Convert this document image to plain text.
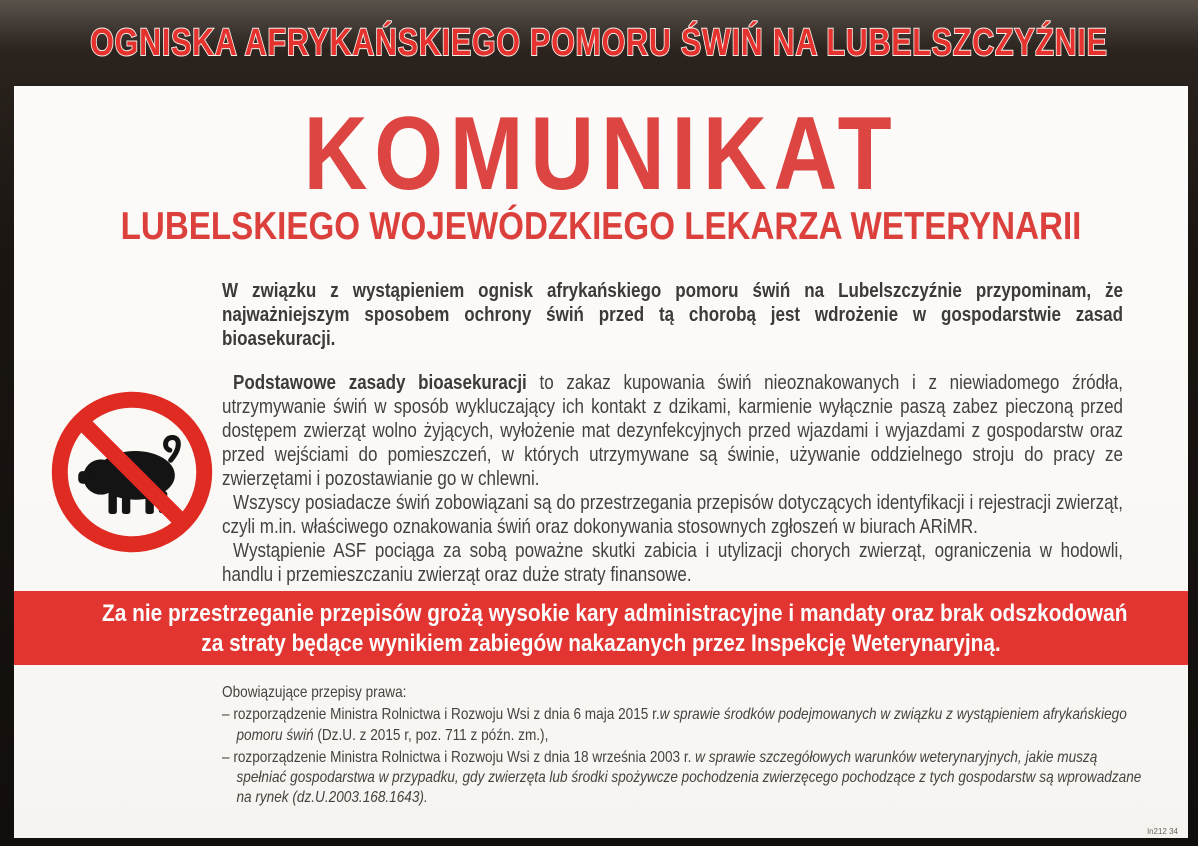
OGNISKA AFRYKAŃSKIEGO POMORU ŚWIŃ NA LUBELSZCZYŹNIE
KOMUNIKAT
LUBELSKIEGO WOJEWÓDZKIEGO LEKARZA WETERYNARII

W związku z wystąpieniem ognisk afrykańskiego pomoru świń na Lubelszczyźnie przypominam, że najważniejszym sposobem ochrony świń przed tą chorobą jest wdrożenie w gospodarstwie zasad bioasekuracji.

Podstawowe zasady bioasekuracji to zakaz kupowania świń nieoznakowanych i z niewiadomego źródła, utrzymywanie świń w sposób wykluczający ich kontakt z dzikami, karmienie wyłącznie paszą zabez pieczoną przed dostępem zwierząt wolno żyjących, wyłożenie mat dezynfekcyjnych przed wjazdami i wyjazdami z gospodarstw oraz przed wejściami do pomieszczeń, w których utrzymywane są świnie, używanie oddzielnego stroju do pracy ze zwierzętami i pozostawianie go w chlewni.

Wszyscy posiadacze świń zobowiązani są do przestrzegania przepisów dotyczących identyfikacji i rejestracji zwierząt, czyli m.in. właściwego oznakowania świń oraz dokonywania stosownych zgłoszeń w biurach ARiMR.

Wystąpienie ASF pociąga za sobą poważne skutki zabicia i utylizacji chorych zwierząt, ograniczenia w hodowli, handlu i przemieszczaniu zwierząt oraz duże straty finansowe.

Za nie przestrzeganie przepisów grożą wysokie kary administracyjne i mandaty oraz brak odszkodowań
za straty będące wynikiem zabiegów nakazanych przez Inspekcję Weterynaryjną.
Obowiązujące przepisy prawa:
– rozporządzenie Ministra Rolnictwa i Rozwoju Wsi z dnia 6 maja 2015 r.w sprawie środków podejmowanych w związku z wystąpieniem afrykańskiego pomoru świń (Dz.U. z 2015 r, poz. 711 z późn. zm.),
– rozporządzenie Ministra Rolnictwa i Rozwoju Wsi z dnia 18 września 2003 r. w sprawie szczegółowych warunków weterynaryjnych, jakie muszą spełniać gospodarstwa w przypadku, gdy zwierzęta lub środki spożywcze pochodzenia zwierzęcego pochodzące z tych gospodarstw są wprowadzane na rynek (dz.U.2003.168.1643).
ln212 34
